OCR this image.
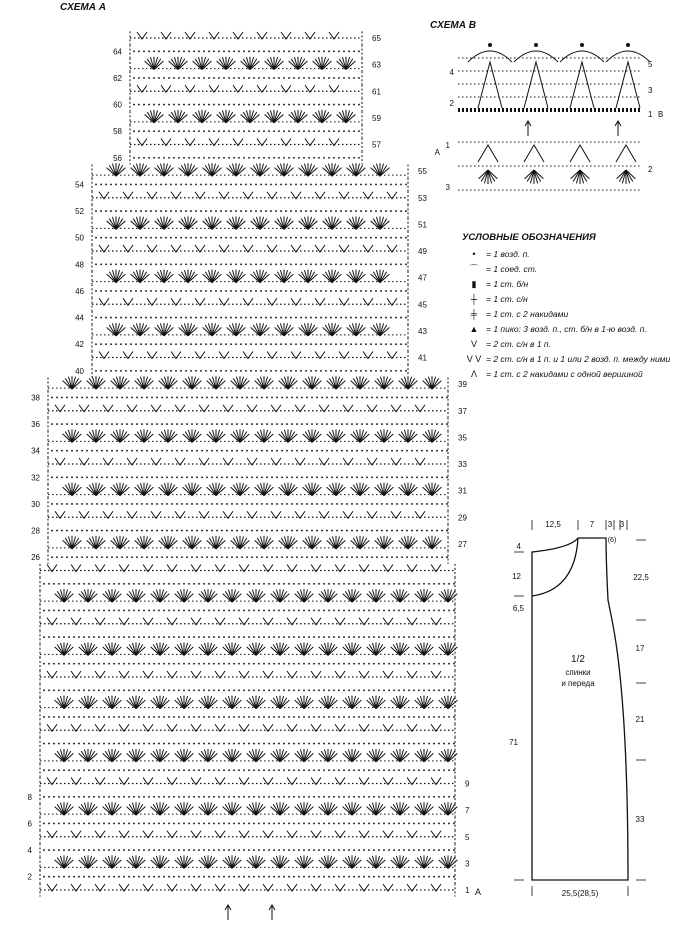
СХЕМА А
СХЕМА В
64
62
60
58
56
54
52
50
48
46
44
42
40
38
36
34
32
30
28
26
8
6
4
2
65
63
61
59
57
55
53
51
49
47
45
43
41
39
37
35
33
31
29
27
9
7
5
3
1 A
4
2
5
3
1 B
A
1
3
2
12,5	7 3 3
(6)
4
12
6,5
71
22,5
17
21
33
1/2
спинки
и переда
25,5(28,5)
УСЛОВНЫЕ ОБОЗНАЧЕНИЯ
•	= 1 возд. п.
⌒ = 1 соед. ст.
▮	= 1 ст. б/н
┼	= 1 ст. с/н
╪	= 1 ст. с 2 накидами
▲ = 1 пико: 3 возд. п., ст. б/н в 1-ю возд. п.
V	= 2 ст. с/н в 1 п.
V V = 2 ст. с/н в 1 п. и 1 или 2 возд. п. между ними
Λ	= 1 ст. с 2 накидами с одной вершиной
